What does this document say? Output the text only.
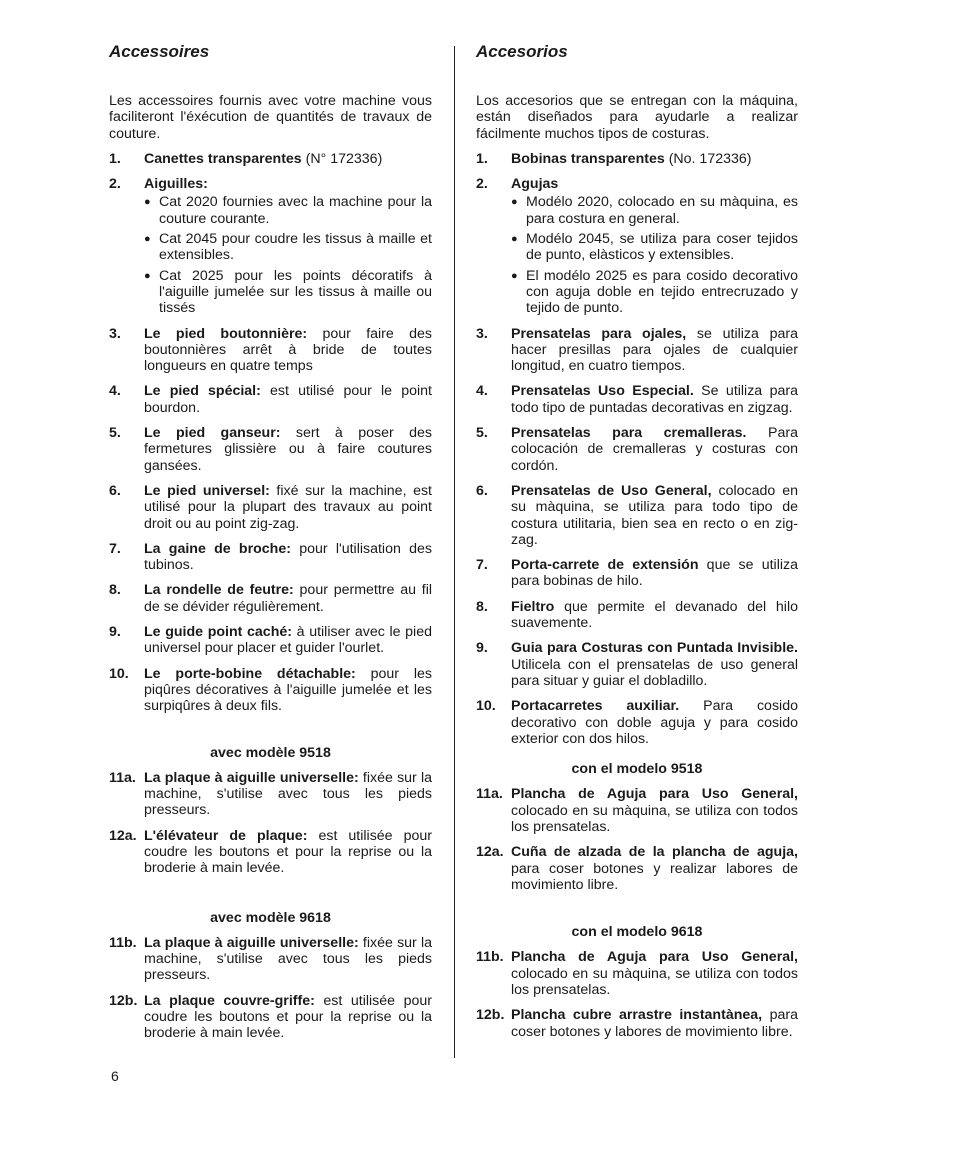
Accessoires
Les accessoires fournis avec votre machine vous faciliteront l'éxécution de quantités de travaux de couture.
1. Canettes transparentes (N° 172336)
2. Aiguilles:
● Cat 2020 fournies avec la machine pour la couture courante.
● Cat 2045 pour coudre les tissus à maille et extensibles.
● Cat 2025 pour les points décoratifs à l'aiguille jumelée sur les tissus à maille ou tissés
3. Le pied boutonnière: pour faire des boutonnières arrêt à bride de toutes longueurs en quatre temps
4. Le pied spécial: est utilisé pour le point bourdon.
5. Le pied ganseur: sert à poser des fermetures glissière ou à faire coutures gansées.
6. Le pied universel: fixé sur la machine, est utilisé pour la plupart des travaux au point droit ou au point zig-zag.
7. La gaine de broche: pour l'utilisation des tubinos.
8. La rondelle de feutre: pour permettre au fil de se dévider régulièrement.
9. Le guide point caché: à utiliser avec le pied universel pour placer et guider l'ourlet.
10. Le porte-bobine détachable: pour les piqûres décoratives à l'aiguille jumelée et les surpiqûres à deux fils.
avec modèle 9518
11a. La plaque à aiguille universelle: fixée sur la machine, s'utilise avec tous les pieds presseurs.
12a. L'élévateur de plaque: est utilisée pour coudre les boutons et pour la reprise ou la broderie à main levée.
avec modèle 9618
11b. La plaque à aiguille universelle: fixée sur la machine, s'utilise avec tous les pieds presseurs.
12b. La plaque couvre-griffe: est utilisée pour coudre les boutons et pour la reprise ou la broderie à main levée.
Accesorios
Los accesorios que se entregan con la máquina, están diseñados para ayudarle a realizar fácilmente muchos tipos de costuras.
1. Bobinas transparentes (No. 172336)
2. Agujas
● Modélo 2020, colocado en su màquina, es para costura en general.
● Modélo 2045, se utiliza para coser tejidos de punto, elàsticos y extensibles.
● El modélo 2025 es para cosido decorativo con aguja doble en tejido entrecruzado y tejido de punto.
3. Prensatelas para ojales, se utiliza para hacer presillas para ojales de cualquier longitud, en cuatro tiempos.
4. Prensatelas Uso Especial. Se utiliza para todo tipo de puntadas decorativas en zigzag.
5. Prensatelas para cremalleras. Para colocación de cremalleras y costuras con cordón.
6. Prensatelas de Uso General, colocado en su màquina, se utiliza para todo tipo de costura utilitaria, bien sea en recto o en zig-zag.
7. Porta-carrete de extensión que se utiliza para bobinas de hilo.
8. Fieltro que permite el devanado del hilo suavemente.
9. Guia para Costuras con Puntada Invisible. Utilicela con el prensatelas de uso general para situar y guiar el dobladillo.
10. Portacarretes auxiliar. Para cosido decorativo con doble aguja y para cosido exterior con dos hilos.
con el modelo 9518
11a. Plancha de Aguja para Uso General, colocado en su màquina, se utiliza con todos los prensatelas.
12a. Cuña de alzada de la plancha de aguja, para coser botones y realizar labores de movimiento libre.
con el modelo 9618
11b. Plancha de Aguja para Uso General, colocado en su màquina, se utiliza con todos los prensatelas.
12b. Plancha cubre arrastre instantànea, para coser botones y labores de movimiento libre.
6
